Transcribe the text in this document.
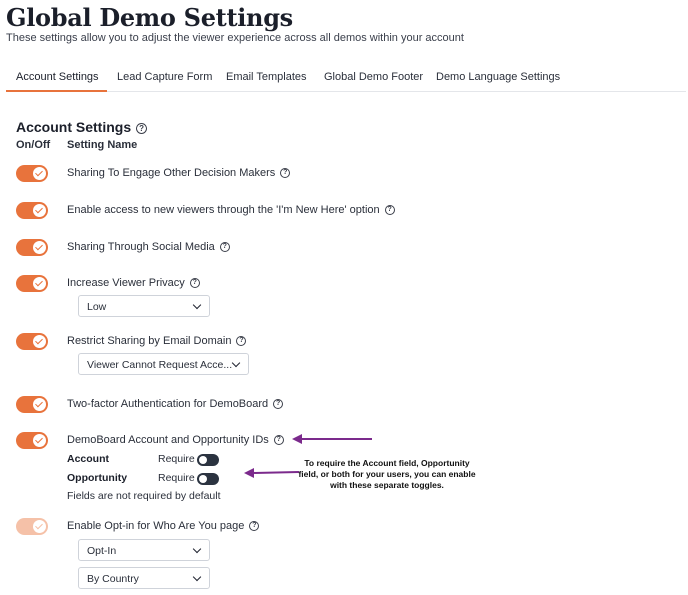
Global Demo Settings
These settings allow you to adjust the viewer experience across all demos within your account
Account Settings	Lead Capture Form Email Templates Global Demo Footer Demo Language Settings
Account Settings ?
On/Off Setting Name
Sharing To Engage Other Decision Makers ?
Enable access to new viewers through the 'I'm New Here' option ?
Sharing Through Social Media ?
Increase Viewer Privacy ?
Low
Restrict Sharing by Email Domain ?
Viewer Cannot Request Acce...
Two-factor Authentication for DemoBoard ?
DemoBoard Account and Opportunity IDs ?
Account	Require
Opportunity	Require
Fields are not required by default
Enable Opt-in for Who Are You page ?
Opt-In
By Country
To require the Account field, Opportunity field, or both for your users, you can enable with these separate toggles.
